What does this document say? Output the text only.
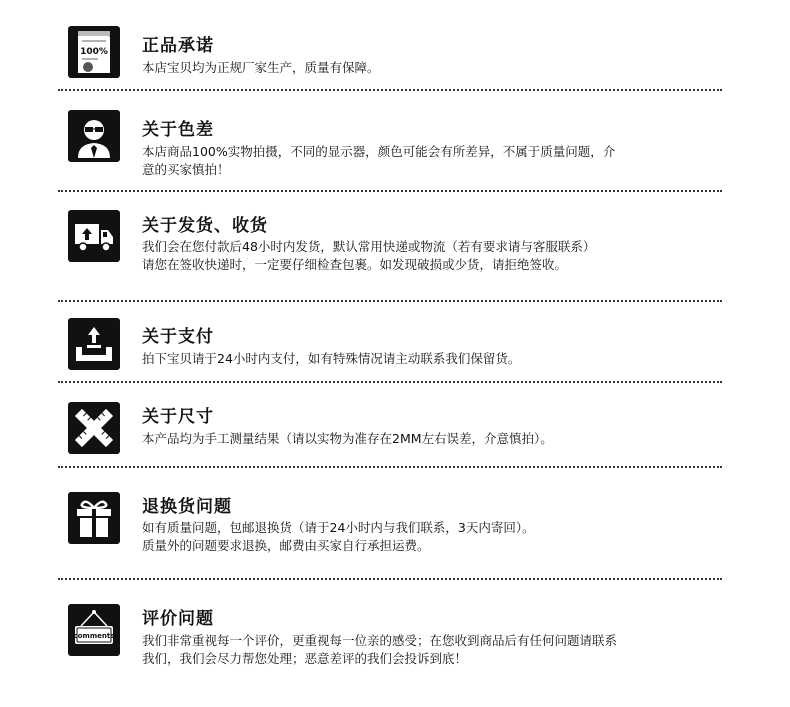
100% 正品承诺
本店宝贝均为正规厂家生产，质量有保障。
关于色差
本店商品100%实物拍摄，不同的显示器，颜色可能会有所差异，不属于质量问题，介
意的买家慎拍！
关于发货、收货
我们会在您付款后48小时内发货，默认常用快递或物流（若有要求请与客服联系）
请您在签收快递时，一定要仔细检查包裹。如发现破损或少货，请拒绝签收。
关于支付
拍下宝贝请于24小时内支付，如有特殊情况请主动联系我们保留货。
关于尺寸
本产品均为手工测量结果（请以实物为准存在2MM左右误差，介意慎拍）。
退换货问题
如有质量问题，包邮退换货（请于24小时内与我们联系，3天内寄回）。
质量外的问题要求退换，邮费由买家自行承担运费。
comments
评价问题
我们非常重视每一个评价，更重视每一位亲的感受；在您收到商品后有任何问题请联系
我们，我们会尽力帮您处理；恶意差评的我们会投诉到底！
